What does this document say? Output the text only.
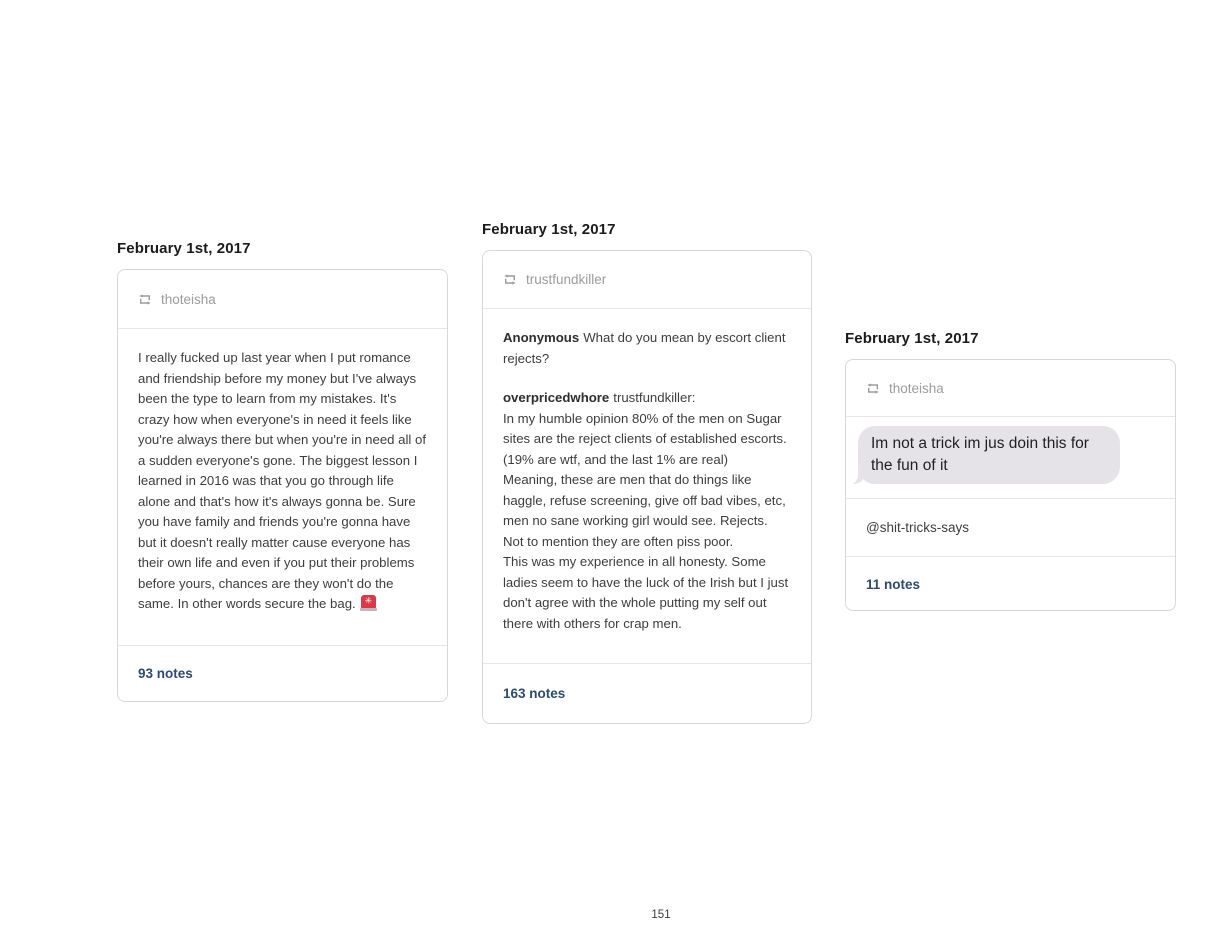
February 1st, 2017
thoteisha

I really fucked up last year when I put romance and friendship before my money but I've always been the type to learn from my mistakes. It's crazy how when everyone's in need it feels like you're always there but when you're in need all of a sudden everyone's gone. The biggest lesson I learned in 2016 was that you go through life alone and that's how it's always gonna be. Sure you have family and friends you're gonna have but it doesn't really matter cause everyone has their own life and even if you put their problems before yours, chances are they won't do the same. In other words secure the bag. ✳

93 notes
February 1st, 2017
trustfundkiller

Anonymous What do you mean by escort client rejects?

overpricedwhore trustfundkiller:

In my humble opinion 80% of the men on Sugar sites are the reject clients of established escorts. (19% are wtf, and the last 1% are real)
Meaning, these are men that do things like haggle, refuse screening, give off bad vibes, etc, men no sane working girl would see. Rejects. Not to mention they are often piss poor.
This was my experience in all honesty. Some ladies seem to have the luck of the Irish but I just don't agree with the whole putting my self out there with others for crap men.
163 notes
February 1st, 2017
thoteisha
Im not a trick im jus doin this for the fun of it
@shit-tricks-says
11 notes
151
